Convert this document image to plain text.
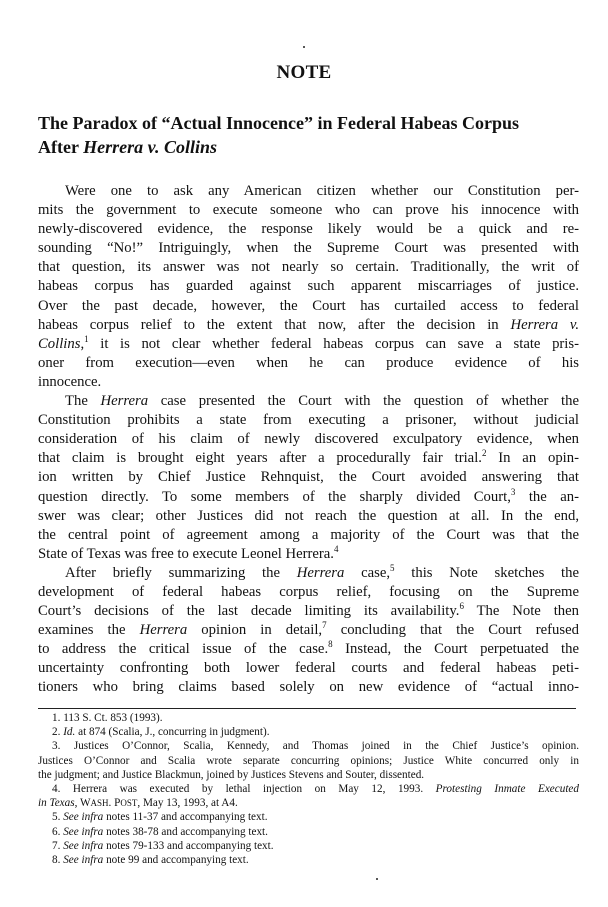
NOTE
The Paradox of “Actual Innocence” in Federal Habeas Corpus
After Herrera v. Collins
Were one to ask any American citizen whether our Constitution per-
mits the government to execute someone who can prove his innocence with
newly-discovered evidence, the response likely would be a quick and re-
sounding “No!” Intriguingly, when the Supreme Court was presented with
that question, its answer was not nearly so certain. Traditionally, the writ of
habeas corpus has guarded against such apparent miscarriages of justice.
Over the past decade, however, the Court has curtailed access to federal
habeas corpus relief to the extent that now, after the decision in Herrera v.
Collins,$^1$ it is not clear whether federal habeas corpus can save a state pris-
oner from execution—even when he can produce evidence of his
innocence.
The Herrera case presented the Court with the question of whether the
Constitution prohibits a state from executing a prisoner, without judicial
consideration of his claim of newly discovered exculpatory evidence, when
that claim is brought eight years after a procedurally fair trial.$^2$ In an opin-
ion written by Chief Justice Rehnquist, the Court avoided answering that
question directly. To some members of the sharply divided Court,$^3$ the an-
swer was clear; other Justices did not reach the question at all. In the end,
the central point of agreement among a majority of the Court was that the
State of Texas was free to execute Leonel Herrera.$^4$
After briefly summarizing the Herrera case,$^5$ this Note sketches the
development of federal habeas corpus relief, focusing on the Supreme
Court’s decisions of the last decade limiting its availability.$^6$ The Note then
examines the Herrera opinion in detail,$^7$ concluding that the Court refused
to address the critical issue of the case.$^8$ Instead, the Court perpetuated the
uncertainty confronting both lower federal courts and federal habeas peti-
tioners who bring claims based solely on new evidence of “actual inno-
1. 113 S. Ct. 853 (1993).
2. Id. at 874 (Scalia, J., concurring in judgment).
3. Justices O’Connor, Scalia, Kennedy, and Thomas joined in the Chief Justice’s opinion.
Justices O’Connor and Scalia wrote separate concurring opinions; Justice White concurred only in
the judgment; and Justice Blackmun, joined by Justices Stevens and Souter, dissented.
4. Herrera was executed by lethal injection on May 12, 1993. Protesting Inmate Executed
in Texas, WASH. POST, May 13, 1993, at A4.
5. See infra notes 11-37 and accompanying text.
6. See infra notes 38-78 and accompanying text.
7. See infra notes 79-133 and accompanying text.
8. See infra note 99 and accompanying text.
